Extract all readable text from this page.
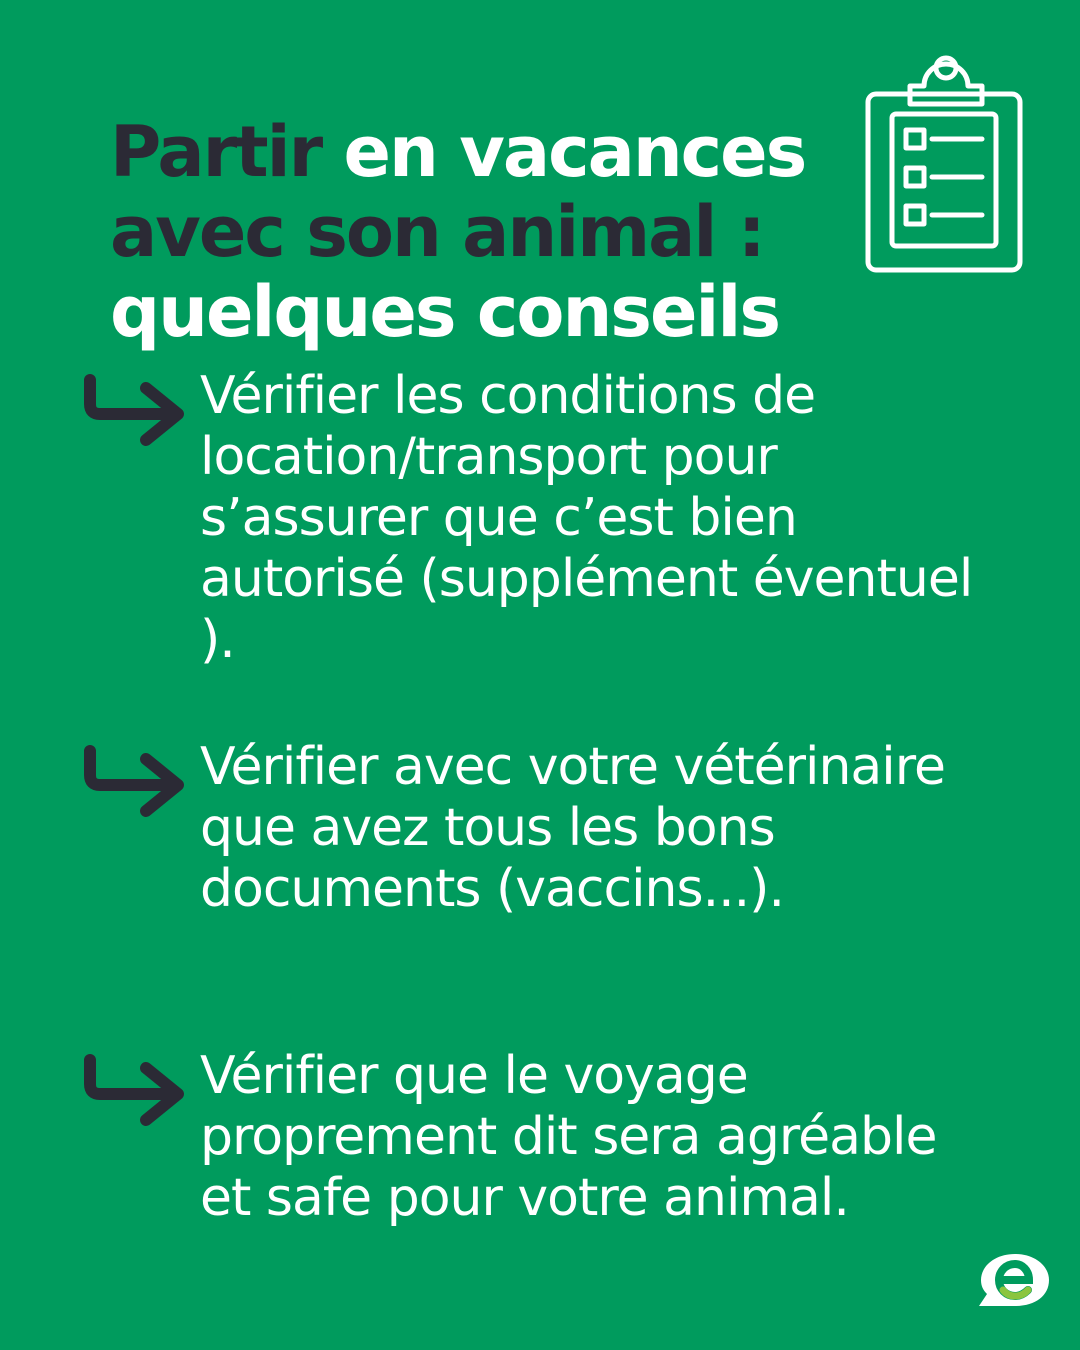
Partir en vacances
avec son animal :
quelques conseils
Vérifier les conditions de location/transport pour s’assurer que c’est bien autorisé (supplément éventuel ).
Vérifier avec votre vétérinaire que avez tous les bons documents (vaccins...).
Vérifier que le voyage proprement dit sera agréable et safe pour votre animal.
